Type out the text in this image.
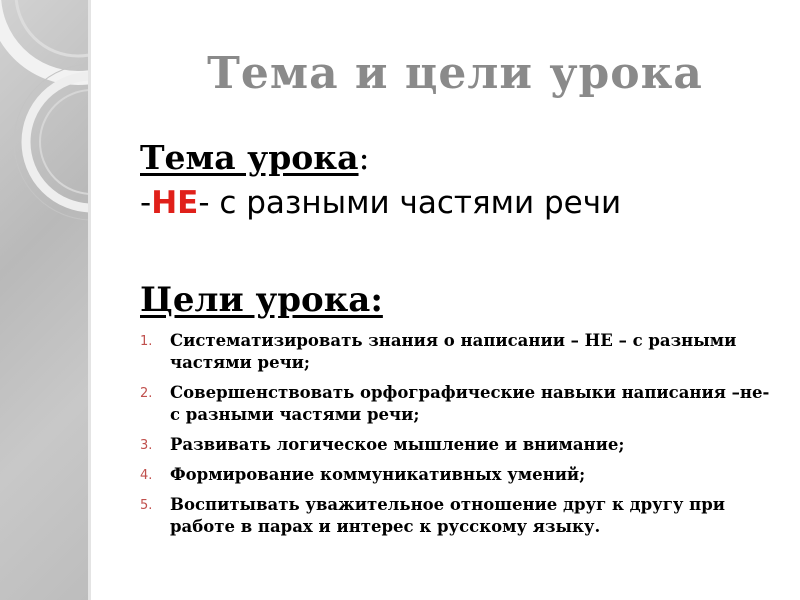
Тема и цели урока

Тема урока:

-НЕ- с разными частями речи

Цели урока:

1. Систематизировать знания о написании – НЕ – с разными частями речи;
2. Совершенствовать орфографические навыки написания –не- с разными частями речи;
3. Развивать логическое мышление и внимание;
4. Формирование коммуникативных умений;
5. Воспитывать уважительное отношение друг к другу при работе в парах и интерес к русскому языку.
